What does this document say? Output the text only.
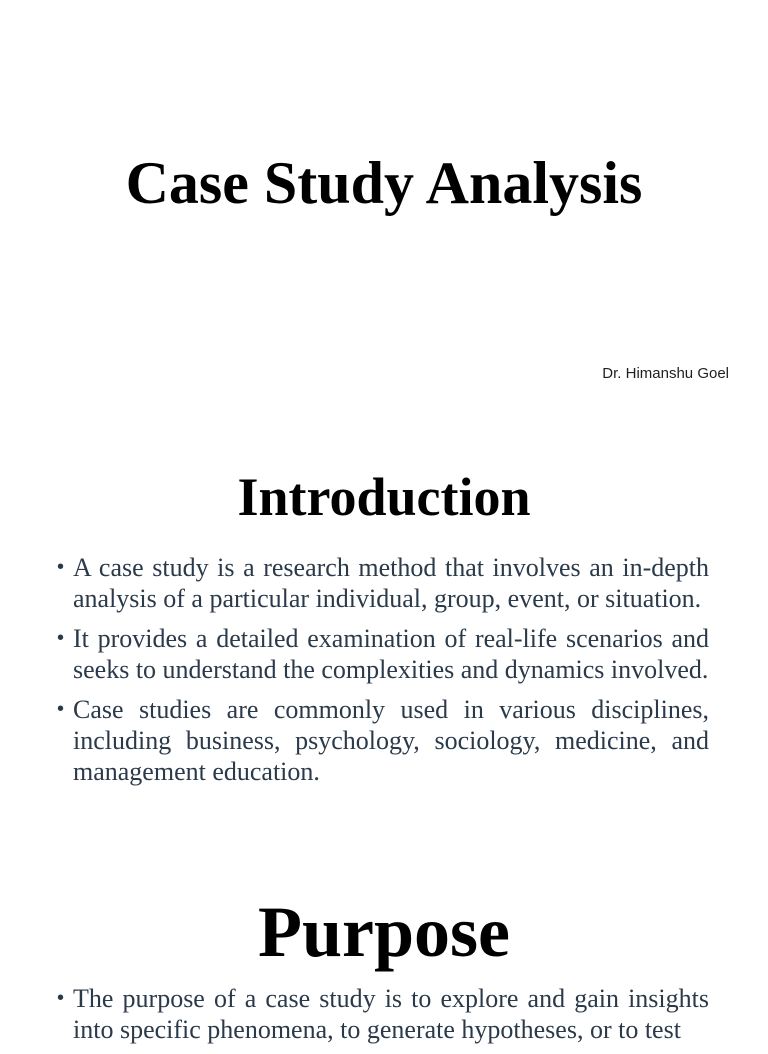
Case Study Analysis

Dr. Himanshu Goel

Introduction
• A case study is a research method that involves an in-depth analysis of a particular individual, group, event, or situation.
• It provides a detailed examination of real-life scenarios and seeks to understand the complexities and dynamics involved.
• Case studies are commonly used in various disciplines, including business, psychology, sociology, medicine, and management education.
Purpose
• The purpose of a case study is to explore and gain insights into specific phenomena, to generate hypotheses, or to test
